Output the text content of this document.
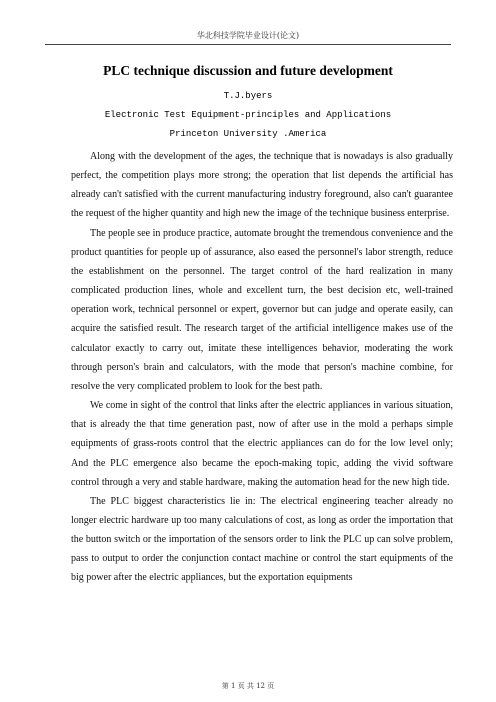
华北科技学院毕业设计(论文)
PLC technique discussion and future development
T.J.byers
Electronic Test Equipment-principles and Applications
Princeton University .America

Along with the development of the ages, the technique that is nowadays is also gradually perfect, the competition plays more strong; the operation that list depends the artificial has already can't satisfied with the current manufacturing industry foreground, also can't guarantee the request of the higher quantity and high new the image of the technique business enterprise.

The people see in produce practice, automate brought the tremendous convenience and the product quantities for people up of assurance, also eased the personnel's labor strength, reduce the establishment on the personnel. The target control of the hard realization in many complicated production lines, whole and excellent turn, the best decision etc, well-trained operation work, technical personnel or expert, governor but can judge and operate easily, can acquire the satisfied result. The research target of the artificial intelligence makes use of the calculator exactly to carry out, imitate these intelligences behavior, moderating the work through person's brain and calculators, with the mode that person's machine combine, for resolve the very complicated problem to look for the best path.

We come in sight of the control that links after the electric appliances in various situation, that is already the that time generation past, now of after use in the mold a perhaps simple equipments of grass-roots control that the electric appliances can do for the low level only; And the PLC emergence also became the epoch-making topic, adding the vivid software control through a very and stable hardware, making the automation head for the new high tide.

The PLC biggest characteristics lie in: The electrical engineering teacher already no longer electric hardware up too many calculations of cost, as long as order the importation that the button switch or the importation of the sensors order to link the PLC up can solve problem, pass to output to order the conjunction contact machine or control the start equipments of the big power after the electric appliances, but the exportation equipments

第 1 页 共 12 页
